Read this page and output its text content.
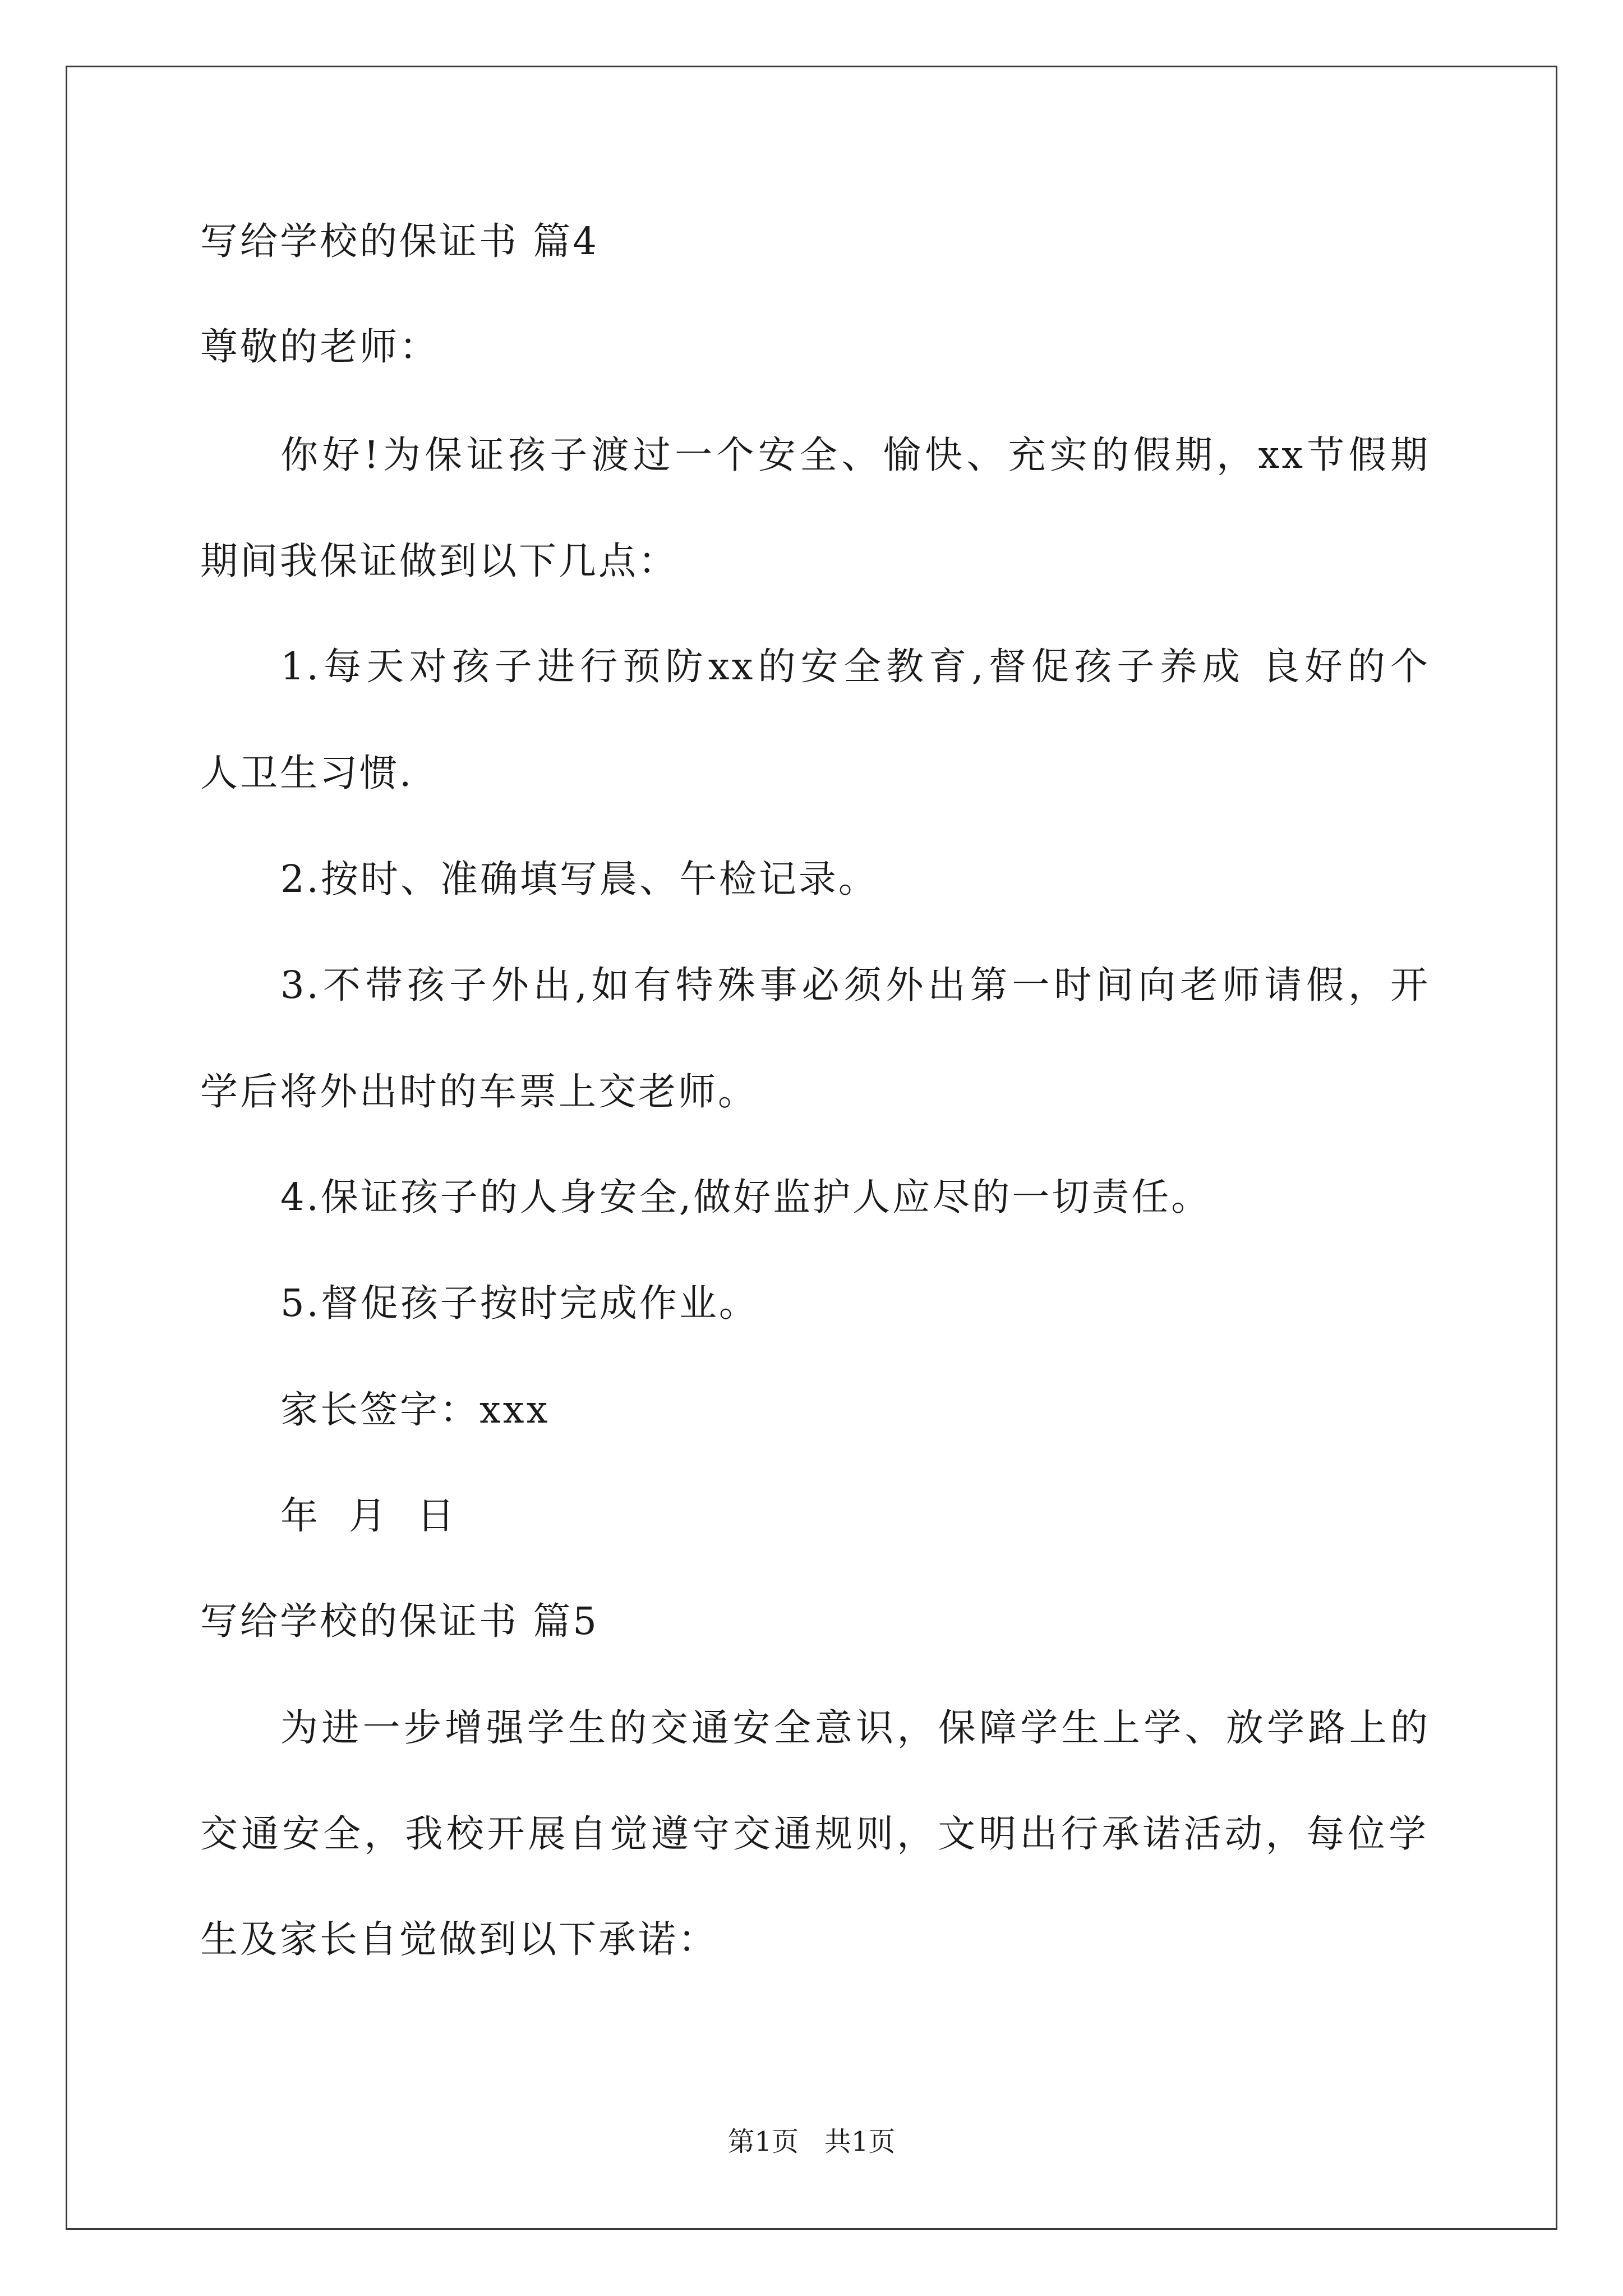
写给学校的保证书 篇4
尊敬的老师：
你好!为保证孩子渡过一个安全、愉快、充实的假期，xx节假期
期间我保证做到以下几点：
1.每天对孩子进行预防xx的安全教育,督促孩子养成 良好的个
人卫生习惯.
2.按时、准确填写晨、午检记录。
3.不带孩子外出,如有特殊事必须外出第一时间向老师请假，开
学后将外出时的车票上交老师。
4.保证孩子的人身安全,做好监护人应尽的一切责任。
5.督促孩子按时完成作业。
家长签字：xxx
年  月  日
写给学校的保证书 篇5
为进一步增强学生的交通安全意识，保障学生上学、放学路上的
交通安全，我校开展自觉遵守交通规则，文明出行承诺活动，每位学
生及家长自觉做到以下承诺：
第1页   共1页
